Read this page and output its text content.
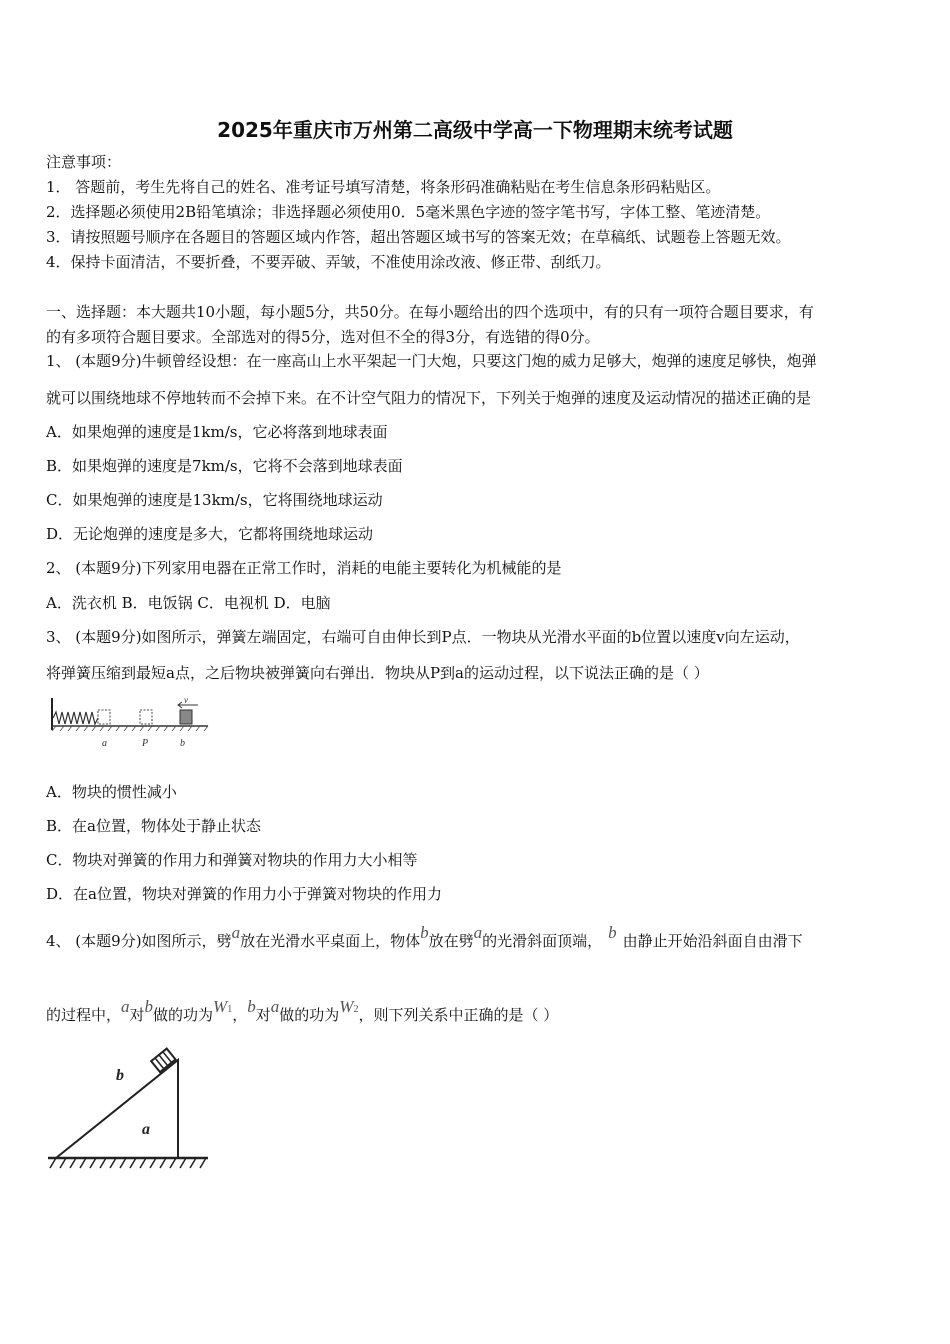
2025年重庆市万州第二高级中学高一下物理期末统考试题
注意事项：
1． 答题前，考生先将自己的姓名、准考证号填写清楚，将条形码准确粘贴在考生信息条形码粘贴区。
2．选择题必须使用2B铅笔填涂；非选择题必须使用0．5毫米黑色字迹的签字笔书写，字体工整、笔迹清楚。
3．请按照题号顺序在各题目的答题区域内作答，超出答题区域书写的答案无效；在草稿纸、试题卷上答题无效。
4．保持卡面清洁，不要折叠，不要弄破、弄皱，不准使用涂改液、修正带、刮纸刀。
一、选择题：本大题共10小题，每小题5分，共50分。在每小题给出的四个选项中，有的只有一项符合题目要求，有
的有多项符合题目要求。全部选对的得5分，选对但不全的得3分，有选错的得0分。
1、 (本题9分)牛顿曾经设想：在一座高山上水平架起一门大炮，只要这门炮的威力足够大，炮弹的速度足够快，炮弹
就可以围绕地球不停地转而不会掉下来。在不计空气阻力的情况下，下列关于炮弹的速度及运动情况的描述正确的是
A．如果炮弹的速度是1km/s，它必将落到地球表面
B．如果炮弹的速度是7km/s，它将不会落到地球表面
C．如果炮弹的速度是13km/s，它将围绕地球运动
D．无论炮弹的速度是多大，它都将围绕地球运动
2、 (本题9分)下列家用电器在正常工作时，消耗的电能主要转化为机械能的是
A．洗衣机 B．电饭锅 C．电视机 D．电脑
3、 (本题9分)如图所示，弹簧左端固定，右端可自由伸长到P点．一物块从光滑水平面的b位置以速度v向左运动，
将弹簧压缩到最短a点，之后物块被弹簧向右弹出．物块从P到a的运动过程，以下说法正确的是（ ）
v
a	P	b
A．物块的惯性减小
B．在a位置，物体处于静止状态
C．物块对弹簧的作用力和弹簧对物块的作用力大小相等
D．在a位置，物块对弹簧的作用力小于弹簧对物块的作用力
4、 (本题9分)如图所示，劈a放在光滑水平桌面上，物体b放在劈a的光滑斜面顶端， b 由静止开始沿斜面自由滑下
的过程中，a对b做的功为W1，b对a做的功为W2，则下列关系中正确的是（ ）
b
a
